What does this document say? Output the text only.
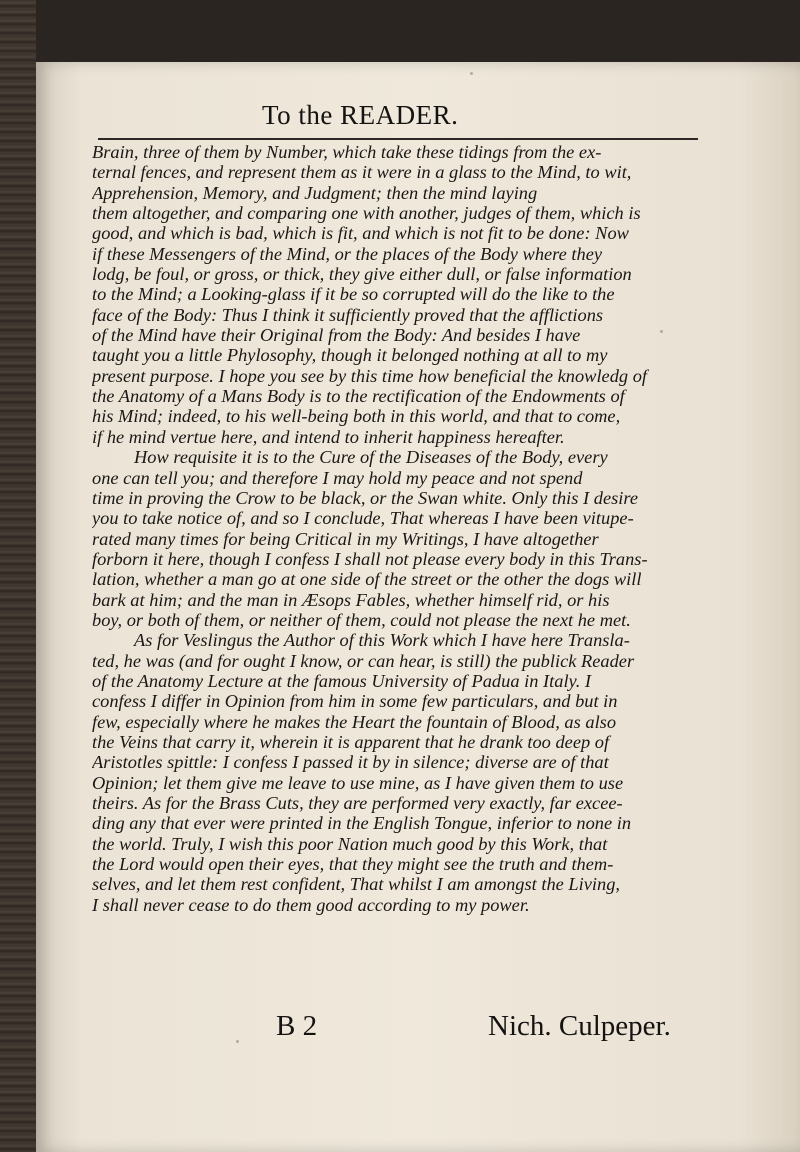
To the READER.
Brain, three of them by Number, which take these tidings from the ex-
ternal fences, and represent them as it were in a glass to the Mind, to wit,
Apprehension, Memory, and Judgment; then the mind laying
them altogether, and comparing one with another, judges of them, which is
good, and which is bad, which is fit, and which is not fit to be done: Now
if these Messengers of the Mind, or the places of the Body where they
lodg, be foul, or gross, or thick, they give either dull, or false information
to the Mind; a Looking-glass if it be so corrupted will do the like to the
face of the Body: Thus I think it sufficiently proved that the afflictions
of the Mind have their Original from the Body: And besides I have
taught you a little Phylosophy, though it belonged nothing at all to my
present purpose. I hope you see by this time how beneficial the knowledg of
the Anatomy of a Mans Body is to the rectification of the Endowments of
his Mind; indeed, to his well-being both in this world, and that to come,
if he mind vertue here, and intend to inherit happiness hereafter.
How requisite it is to the Cure of the Diseases of the Body, every
one can tell you; and therefore I may hold my peace and not spend
time in proving the Crow to be black, or the Swan white. Only this I desire
you to take notice of, and so I conclude, That whereas I have been vitupe-
rated many times for being Critical in my Writings, I have altogether
forborn it here, though I confess I shall not please every body in this Trans-
lation, whether a man go at one side of the street or the other the dogs will
bark at him; and the man in Æsops Fables, whether himself rid, or his
boy, or both of them, or neither of them, could not please the next he met.
As for Veslingus the Author of this Work which I have here Transla-
ted, he was (and for ought I know, or can hear, is still) the publick Reader
of the Anatomy Lecture at the famous University of Padua in Italy. I
confess I differ in Opinion from him in some few particulars, and but in
few, especially where he makes the Heart the fountain of Blood, as also
the Veins that carry it, wherein it is apparent that he drank too deep of
Aristotles spittle: I confess I passed it by in silence; diverse are of that
Opinion; let them give me leave to use mine, as I have given them to use
theirs. As for the Brass Cuts, they are performed very exactly, far excee-
ding any that ever were printed in the English Tongue, inferior to none in
the world. Truly, I wish this poor Nation much good by this Work, that
the Lord would open their eyes, that they might see the truth and them-
selves, and let them rest confident, That whilst I am amongst the Living,
I shall never cease to do them good according to my power.
B 2	Nich. Culpeper.
